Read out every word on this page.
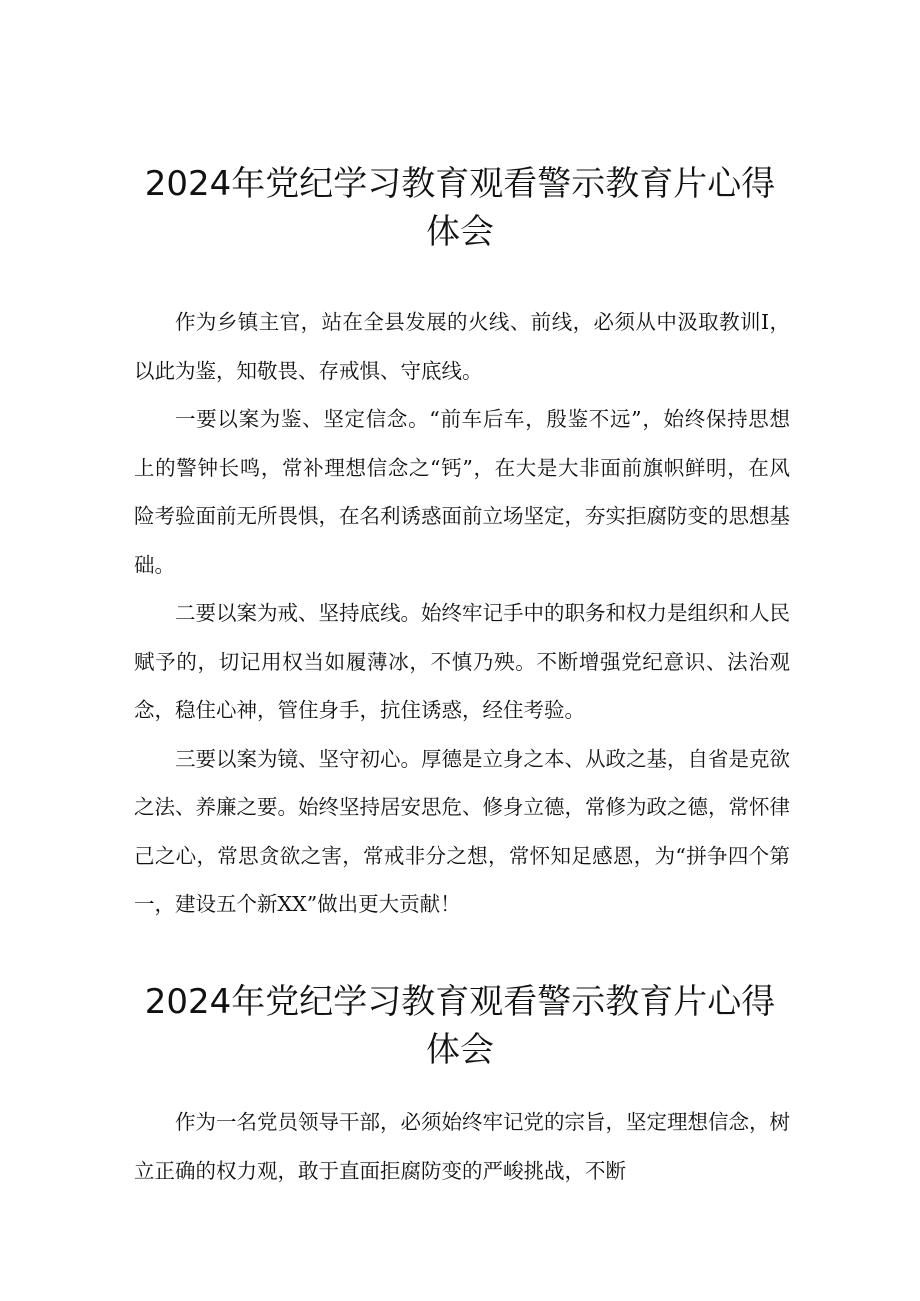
2024年党纪学习教育观看警示教育片心得
体会

作为乡镇主官，站在全县发展的火线、前线，必须从中汲取教训I，以此为鉴，知敬畏、存戒惧、守底线。

一要以案为鉴、坚定信念。“前车后车，殷鉴不远”，始终保持思想上的警钟长鸣，常补理想信念之“钙”，在大是大非面前旗帜鲜明，在风险考验面前无所畏惧，在名利诱惑面前立场坚定，夯实拒腐防变的思想基础。

二要以案为戒、坚持底线。始终牢记手中的职务和权力是组织和人民赋予的，切记用权当如履薄冰，不慎乃殃。不断增强党纪意识、法治观念，稳住心神，管住身手，抗住诱惑，经住考验。

三要以案为镜、坚守初心。厚德是立身之本、从政之基，自省是克欲之法、养廉之要。始终坚持居安思危、修身立德，常修为政之德，常怀律己之心，常思贪欲之害，常戒非分之想，常怀知足感恩，为“拼争四个第一，建设五个新XX”做出更大贡献！

2024年党纪学习教育观看警示教育片心得
体会

作为一名党员领导干部，必须始终牢记党的宗旨，坚定理想信念，树立正确的权力观，敢于直面拒腐防变的严峻挑战，不断
